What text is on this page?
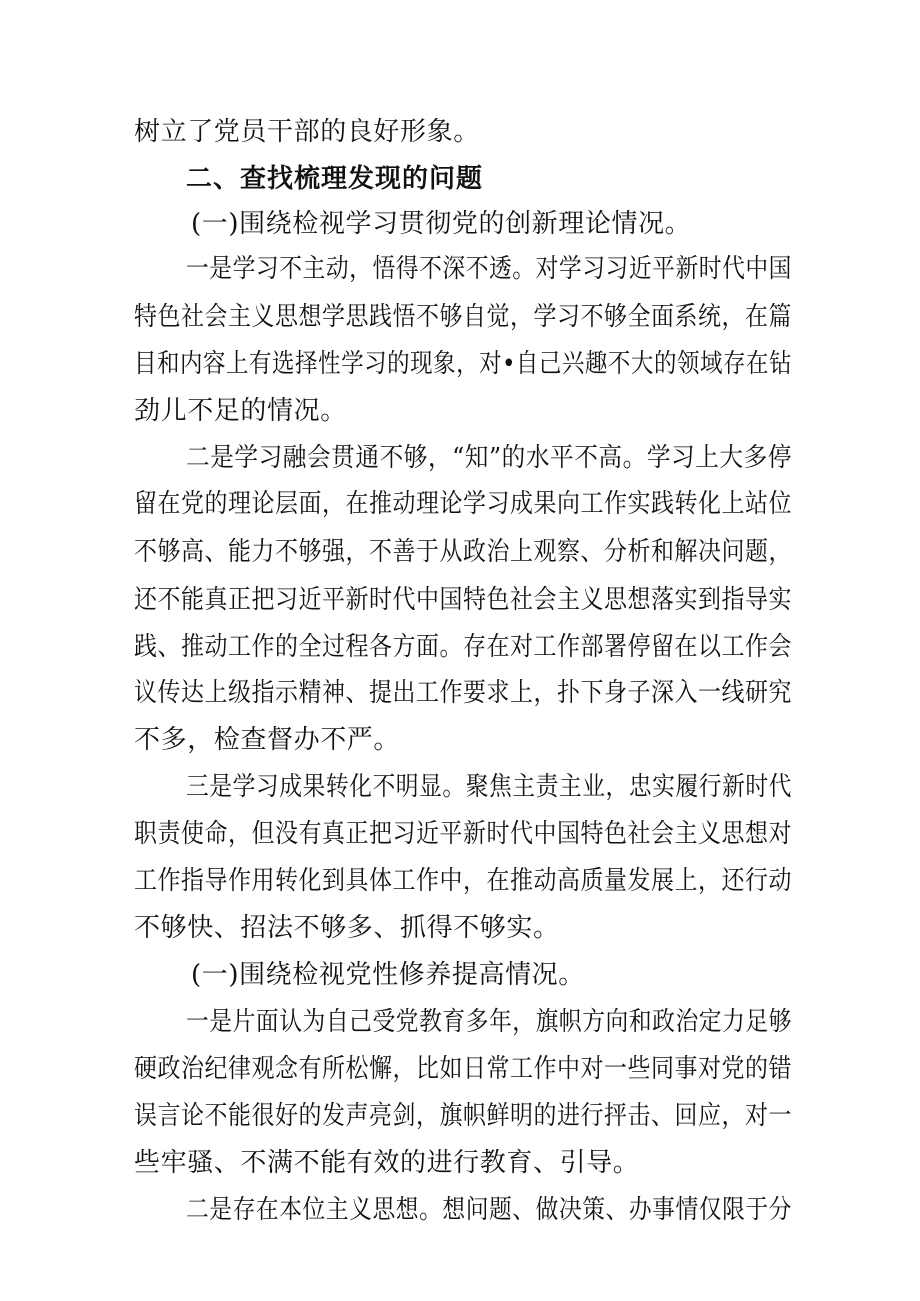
树立了党员干部的良好形象。

二、查找梳理发现的问题

(一)围绕检视学习贯彻党的创新理论情况。

一是学习不主动，悟得不深不透。对学习习近平新时代中国

特色社会主义思想学思践悟不够自觉，学习不够全面系统，在篇

目和内容上有选择性学习的现象，对•自己兴趣不大的领域存在钻

劲儿不足的情况。

二是学习融会贯通不够，“知”的水平不高。学习上大多停

留在党的理论层面，在推动理论学习成果向工作实践转化上站位

不够高、能力不够强，不善于从政治上观察、分析和解决问题，

还不能真正把习近平新时代中国特色社会主义思想落实到指导实

践、推动工作的全过程各方面。存在对工作部署停留在以工作会

议传达上级指示精神、提出工作要求上，扑下身子深入一线研究

不多，检查督办不严。

三是学习成果转化不明显。聚焦主责主业，忠实履行新时代

职责使命，但没有真正把习近平新时代中国特色社会主义思想对

工作指导作用转化到具体工作中，在推动高质量发展上，还行动

不够快、招法不够多、抓得不够实。

(一)围绕检视党性修养提高情况。

一是片面认为自己受党教育多年，旗帜方向和政治定力足够

硬政治纪律观念有所松懈，比如日常工作中对一些同事对党的错

误言论不能很好的发声亮剑，旗帜鲜明的进行抨击、回应，对一

些牢骚、不满不能有效的进行教育、引导。

二是存在本位主义思想。想问题、做决策、办事情仅限于分
